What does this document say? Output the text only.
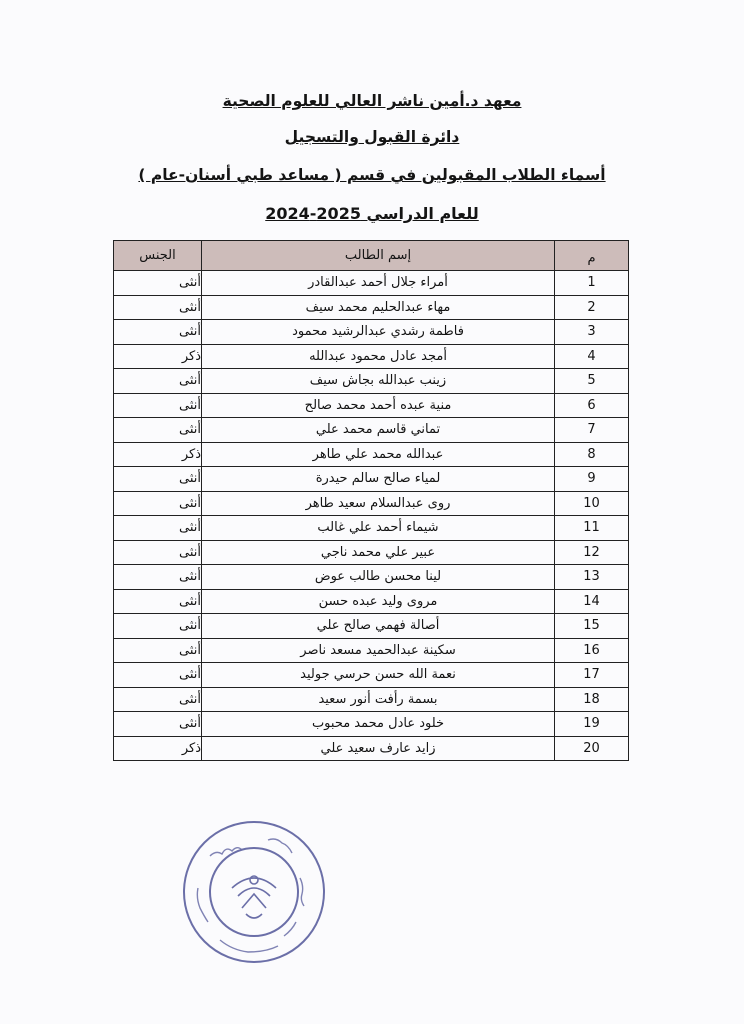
معهد د.أمين ناشر العالي للعلوم الصحية
دائرة القبول والتسجيل
أسماء الطلاب المقبولين في قسم ( مساعد طبي أسنان-عام )
للعام الدراسي 2025-2024
م	إسم الطالب	الجنس
1	أمراء جلال أحمد عبدالقادر	أنثى
2	مهاء عبدالحليم محمد سيف	أنثى
3	فاطمة رشدي عبدالرشيد محمود	أنثى
4	أمجد عادل محمود عبدالله	ذكر
5	زينب عبدالله بجاش سيف	أنثى
6	منية عبده أحمد محمد صالح	أنثى
7	تماني قاسم محمد علي	أنثى
8	عبدالله محمد علي طاهر	ذكر
9	لمياء صالح سالم حيدرة	أنثى
10	روى عبدالسلام سعيد طاهر	أنثى
11	شيماء أحمد علي غالب	أنثى
12	عبير علي محمد ناجي	أنثى
13	لينا محسن طالب عوض	أنثى
14	مروى وليد عبده حسن	أنثى
15	أصالة فهمي صالح علي	أنثى
16	سكينة عبدالحميد مسعد ناصر	أنثى
17	نعمة الله حسن حرسي جوليد	أنثى
18	بسمة رأفت أنور سعيد	أنثى
19	خلود عادل محمد محبوب	أنثى
20	زايد عارف سعيد علي	ذكر
